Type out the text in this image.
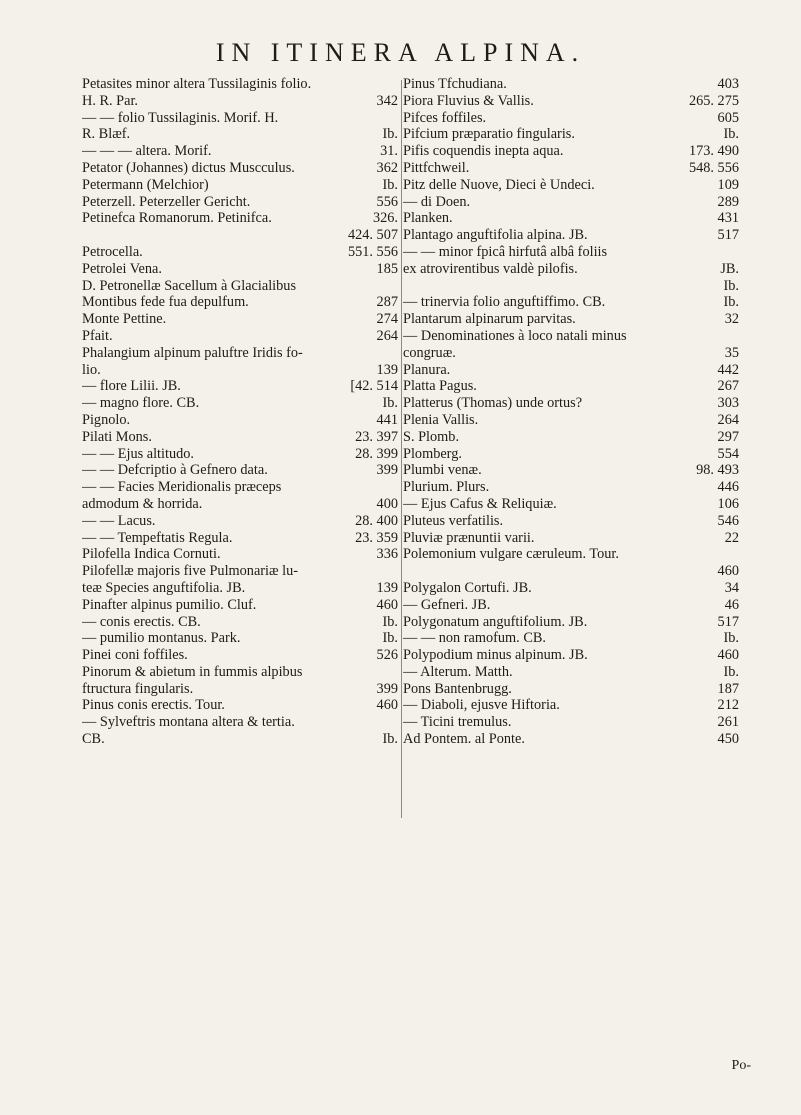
IN ITINERA ALPINA.
Petasites minor altera Tussilaginis folio.
H. R. Par.	342
— — folio Tussilaginis. Morif. H.
R. Blæf.	Ib.
— — — altera. Morif.	31.
Petator (Johannes) dictus Muscculus.	362
Petermann (Melchior)	Ib.
Peterzell. Peterzeller Gericht.	556
Petinefca Romanorum. Petinifca.	326.
424. 507
Petrocella.	551. 556
Petrolei Vena.	185
D. Petronellæ Sacellum à Glacialibus
Montibus fede fua depulfum.	287
Monte Pettine.	274
Pfait.	264
Phalangium alpinum paluftre Iridis fo-
lio.	139
— flore Lilii. JB.	[42. 514
— magno flore. CB.	Ib.
Pignolo.	441
Pilati Mons.	23. 397
— — Ejus altitudo.	28. 399
— — Defcriptio à Gefnero data.	399
— — Facies Meridionalis præceps
admodum & horrida.	400
— — Lacus.	28. 400
— — Tempeftatis Regula.	23. 359
Pilofella Indica Cornuti.	336
Pilofellæ majoris five Pulmonariæ lu-
teæ Species anguftifolia. JB.	139
Pinafter alpinus pumilio. Cluf.	460
— conis erectis. CB.	Ib.
— pumilio montanus. Park.	Ib.
Pinei coni foffiles.	526
Pinorum & abietum in fummis alpibus
ftructura fingularis.	399
Pinus conis erectis. Tour.	460
— Sylveftris montana altera & tertia.
CB.	Ib.
Pinus Tfchudiana.	403
Piora Fluvius & Vallis.	265. 275
Pifces foffiles.	605
Pifcium præparatio fingularis.	Ib.
Pifis coquendis inepta aqua.	173. 490
Pittfchweil.	548. 556
Pitz delle Nuove, Dieci è Undeci.	109
— di Doen.	289
Planken.	431
Plantago anguftifolia alpina. JB.	517
— — minor fpicâ hirfutâ albâ foliis
ex atrovirentibus valdè pilofis.	JB.
Ib.
— trinervia folio anguftiffimo. CB.	Ib.
Plantarum alpinarum parvitas.	32
— Denominationes à loco natali minus
congruæ.	35
Planura.	442
Platta Pagus.	267
Platterus (Thomas) unde ortus?	303
Plenia Vallis.	264
S. Plomb.	297
Plomberg.	554
Plumbi venæ.	98. 493
Plurium. Plurs.	446
— Ejus Cafus & Reliquiæ.	106
Pluteus verfatilis.	546
Pluviæ prænuntii varii.	22
Polemonium vulgare cæruleum. Tour.
460
Polygalon Cortufi. JB.	34
— Gefneri. JB.	46
Polygonatum anguftifolium. JB.	517
— — non ramofum. CB.	Ib.
Polypodium minus alpinum. JB.	460
— Alterum. Matth.	Ib.
Pons Bantenbrugg.	187
— Diaboli, ejusve Hiftoria.	212
— Ticini tremulus.	261
Ad Pontem. al Ponte.	450
Po-
